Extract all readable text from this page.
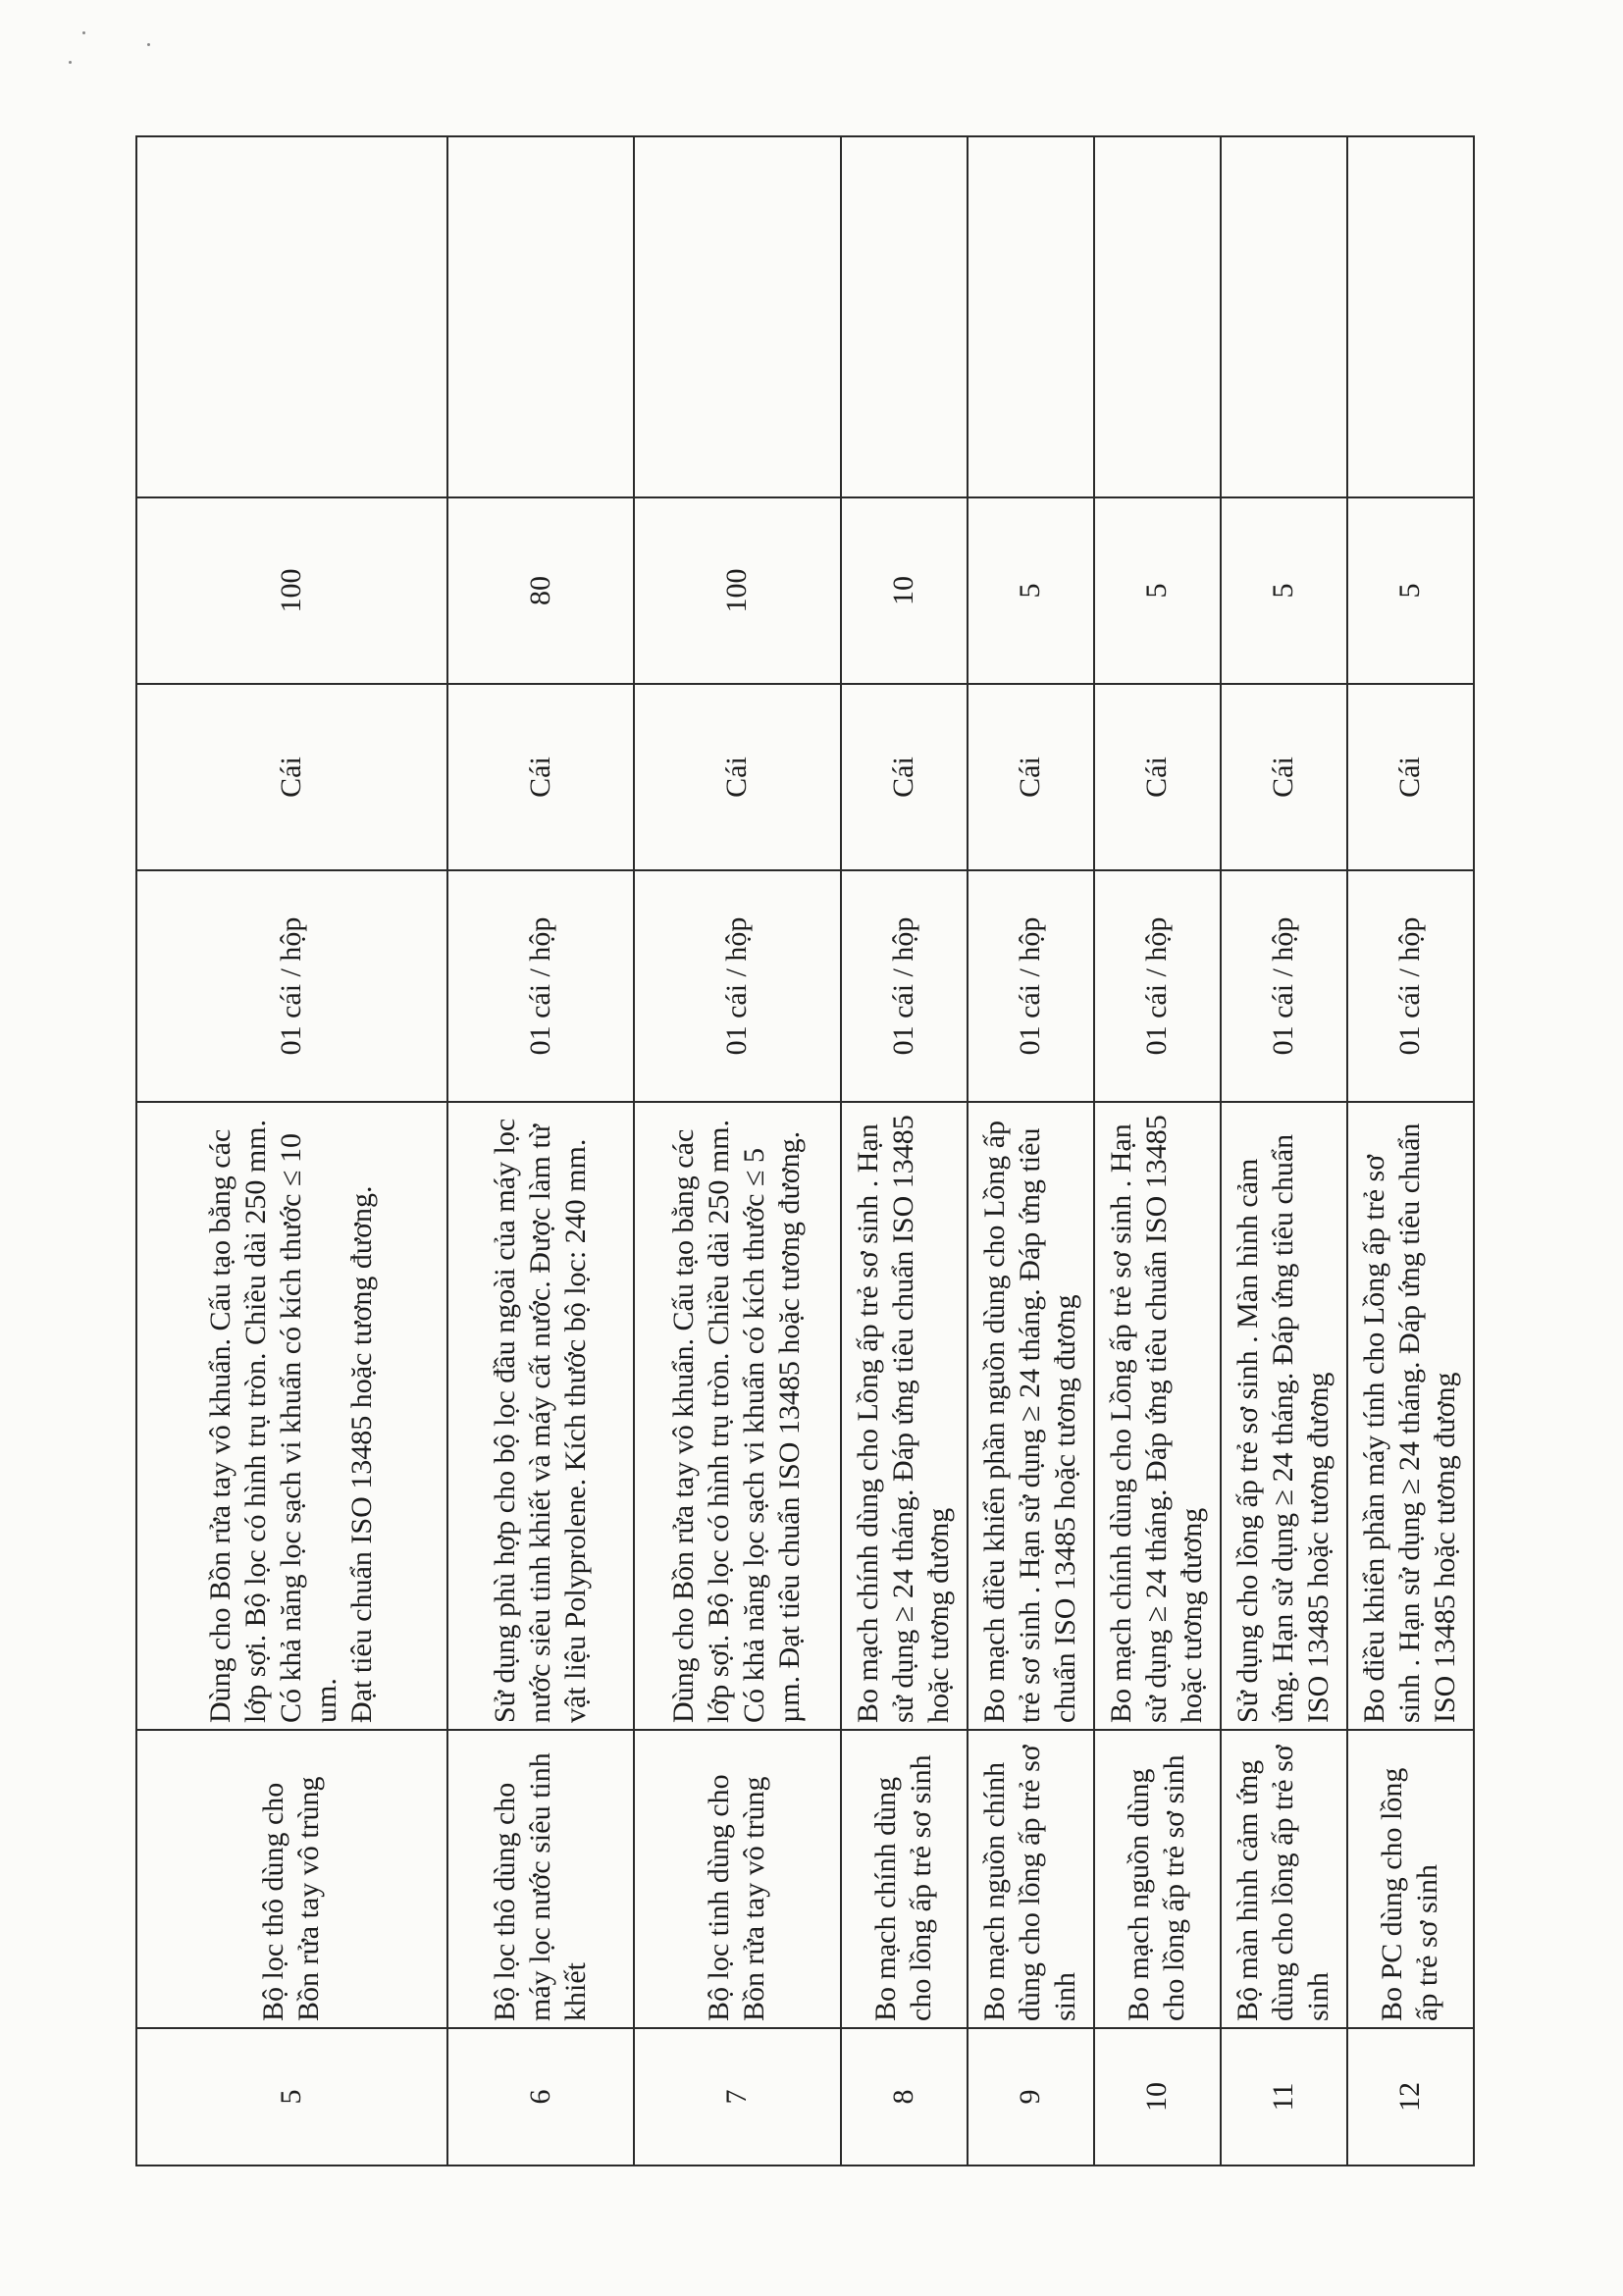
5	Bộ lọc thô dùng cho Bồn rửa tay vô trùng	Dùng cho Bồn rửa tay vô khuẩn. Cấu tạo bằng các lớp sợi. Bộ lọc có hình trụ tròn. Chiều dài 250 mm. Có khả năng lọc sạch vi khuẩn có kích thước ≤ 10 um. Đạt tiêu chuẩn ISO 13485 hoặc tương đương.	01 cái / hộp	Cái	100	
6	Bộ lọc thô dùng cho máy lọc nước siêu tinh khiết	Sử dụng phù hợp cho bộ lọc đầu ngoài của máy lọc nước siêu tinh khiết và máy cất nước. Được làm từ vật liệu Polyprolene. Kích thước bộ lọc: 240 mm.	01 cái / hộp	Cái	80	
7	Bộ lọc tinh dùng cho Bồn rửa tay vô trùng	Dùng cho Bồn rửa tay vô khuẩn. Cấu tạo bằng các lớp sợi. Bộ lọc có hình trụ tròn. Chiều dài 250 mm. Có khả năng lọc sạch vi khuẩn có kích thước ≤ 5 µm. Đạt tiêu chuẩn ISO 13485 hoặc tương đương.	01 cái / hộp	Cái	100	
8	Bo mạch chính dùng cho lồng ấp trẻ sơ sinh	Bo mạch chính dùng cho Lồng ấp trẻ sơ sinh . Hạn sử dụng ≥ 24 tháng. Đáp ứng tiêu chuẩn ISO 13485 hoặc tương đương	01 cái / hộp	Cái	10	
9	Bo mạch nguồn chính dùng cho lồng ấp trẻ sơ sinh	Bo mạch điều khiển phần nguồn dùng cho Lồng ấp trẻ sơ sinh . Hạn sử dụng ≥ 24 tháng. Đáp ứng tiêu chuẩn ISO 13485 hoặc tương đương	01 cái / hộp	Cái	5	
10	Bo mạch nguồn dùng cho lồng ấp trẻ sơ sinh	Bo mạch chính dùng cho Lồng ấp trẻ sơ sinh . Hạn sử dụng ≥ 24 tháng. Đáp ứng tiêu chuẩn ISO 13485 hoặc tương đương	01 cái / hộp	Cái	5	
11	Bộ màn hình cảm ứng dùng cho lồng ấp trẻ sơ sinh	Sử dụng cho lồng ấp trẻ sơ sinh . Màn hình cảm ứng. Hạn sử dụng ≥ 24 tháng. Đáp ứng tiêu chuẩn ISO 13485 hoặc tương đương	01 cái / hộp	Cái	5	
12	Bo PC dùng cho lồng ấp trẻ sơ sinh	Bo điều khiển phần máy tính cho Lồng ấp trẻ sơ sinh . Hạn sử dụng ≥ 24 tháng. Đáp ứng tiêu chuẩn ISO 13485 hoặc tương đương	01 cái / hộp	Cái	5	
